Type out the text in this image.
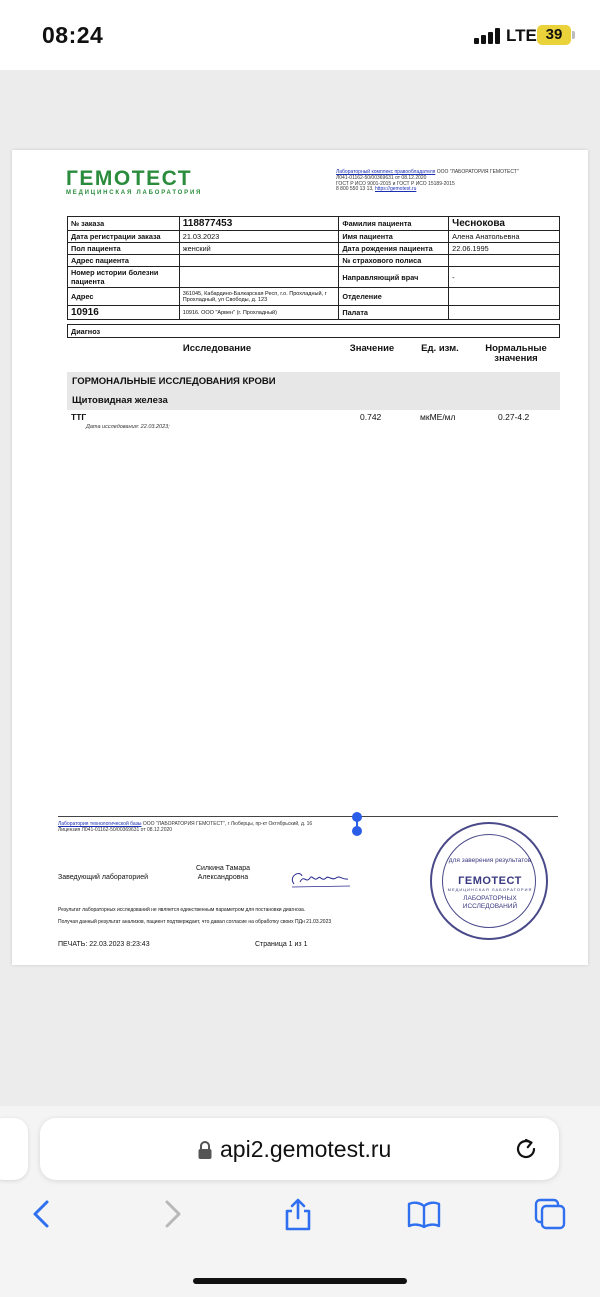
08:24	LTE 39
ГЕМОТЕСТ
МЕДИЦИНСКАЯ ЛАБОРАТОРИЯ
Лабораторный комплекс правообладателя ООО "ЛАБОРАТОРИЯ ГЕМОТЕСТ"
Л041-01162-50/00369631 от 08.12.2020
ГОСТ Р ИСО 9001-2015 и ГОСТ Р ИСО 15189-2015
8 800 550 13 13, https://gemotest.ru
№ заказа	118877453	Фамилия пациента	Чеснокова
Дата регистрации заказа	21.03.2023	Имя пациента	Алена Анатольевна
Пол пациента	женский	Дата рождения пациента	22.06.1995
Адрес пациента		№ страхового полиса	
Номер истории болезни пациента		Направляющий врач	-
Адрес	361045, Кабардино-Балкарская Респ, г.о. Прохладный, г Прохладный, ул Свободы, д. 123	Отделение	
10916	10916. ООО "Арвен" (г. Прохладный)	Палата	
Диагноз
Исследование	Значение	Ед. изм.	Нормальные значения
ГОРМОНАЛЬНЫЕ ИССЛЕДОВАНИЯ КРОВИ
Щитовидная железа
ТТГ	0.742	мкМЕ/мл	0.27-4.2
Дата исследования: 22.03.2023;
Лаборатория технологической базы ООО "ЛАБОРАТОРИЯ ГЕМОТЕСТ", г Люберцы, пр-кт Октябрьский, д. 16
Лицензия Л041-01162-50/00369631 от 08.12.2020
Заведующий лабораторией
Силкина Тамара Александровна
Результат лабораторных исследований не является единственным параметром для постановки диагноза.
Получая данный результат анализов, пациент подтверждает, что давал согласие на обработку своих ПДн 21.03.2023
ПЕЧАТЬ: 22.03.2023 8:23:43	Страница 1 из 1
для заверения результатов
ГЕМОТЕСТ
МЕДИЦИНСКАЯ ЛАБОРАТОРИЯ
ЛАБОРАТОРНЫХ ИССЛЕДОВАНИЙ
api2.gemotest.ru
